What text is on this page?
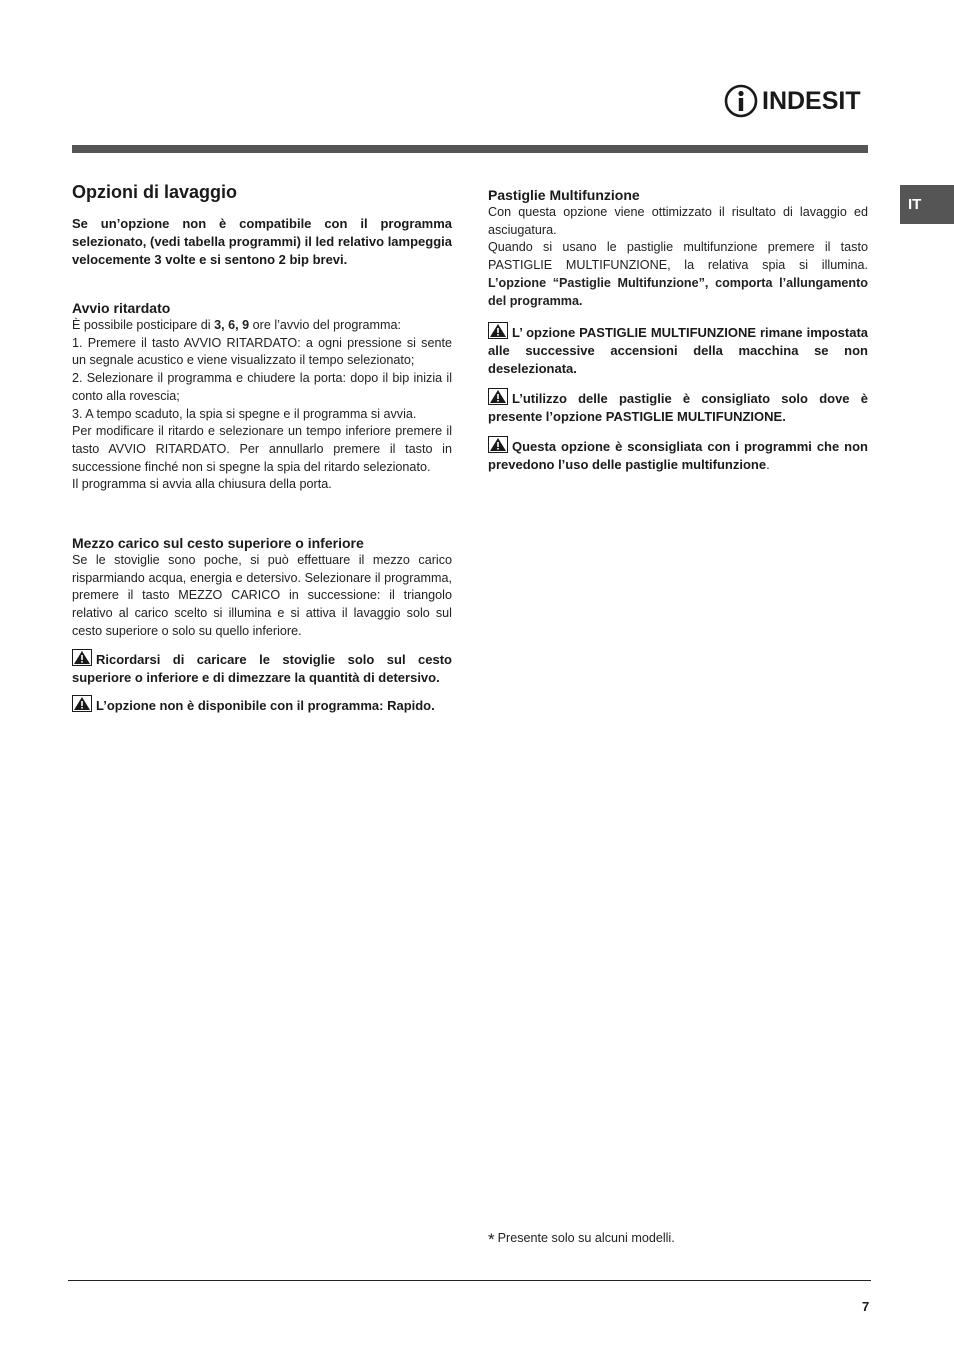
INDESIT
IT
Opzioni di lavaggio

Se un’opzione non è compatibile con il programma selezionato, (vedi tabella programmi) il led relativo lampeggia velocemente 3 volte e si sentono 2 bip brevi.

Avvio ritardato

È possibile posticipare di 3, 6, 9 ore l’avvio del programma:

1. Premere il tasto AVVIO RITARDATO: a ogni pressione si sente un segnale acustico e viene visualizzato il tempo selezionato;

2. Selezionare il programma e chiudere la porta: dopo il bip inizia il conto alla rovescia;

3. A tempo scaduto, la spia si spegne e il programma si avvia.

Per modificare il ritardo e selezionare un tempo inferiore premere il tasto AVVIO RITARDATO. Per annullarlo premere il tasto in successione finché non si spegne la spia del ritardo selezionato.

Il programma si avvia alla chiusura della porta.

Mezzo carico sul cesto superiore o inferiore

Se le stoviglie sono poche, si può effettuare il mezzo carico risparmiando acqua, energia e detersivo. Selezionare il programma, premere il tasto MEZZO CARICO in successione: il triangolo relativo al carico scelto si illumina e si attiva il lavaggio solo sul cesto superiore o solo su quello inferiore.

Ricordarsi di caricare le stoviglie solo sul cesto superiore o inferiore e di dimezzare la quantità di detersivo.

L’opzione non è disponibile con il programma: Rapido.

Pastiglie Multifunzione

Con questa opzione viene ottimizzato il risultato di lavaggio ed asciugatura.

Quando si usano le pastiglie multifunzione premere il tasto PASTIGLIE MULTIFUNZIONE, la relativa spia si illumina. L’opzione “Pastiglie Multifunzione”, comporta l’allungamento del programma.

L’ opzione PASTIGLIE MULTIFUNZIONE rimane impostata alle successive accensioni della macchina se non deselezionata.

L’utilizzo delle pastiglie è consigliato solo dove è presente l’opzione PASTIGLIE MULTIFUNZIONE.

Questa opzione è sconsigliata con i programmi che non prevedono l’uso delle pastiglie multifunzione.

* Presente solo su alcuni modelli.
7
